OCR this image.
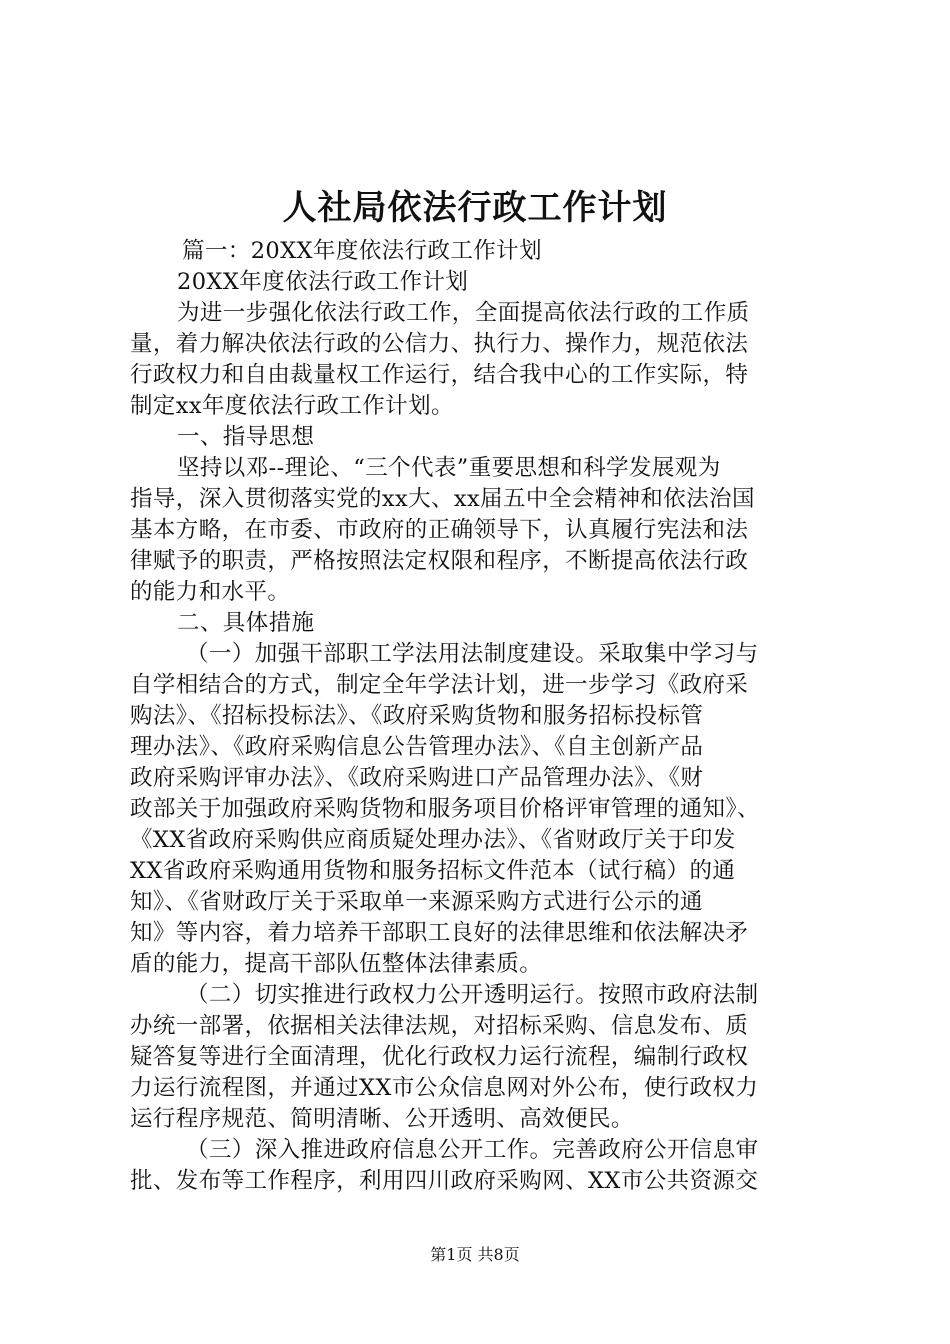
人社局依法行政工作计划
篇一：20XX年度依法行政工作计划
20XX年度依法行政工作计划
为进一步强化依法行政工作，全面提高依法行政的工作质
量，着力解决依法行政的公信力、执行力、操作力，规范依法
行政权力和自由裁量权工作运行，结合我中心的工作实际，特
制定xx年度依法行政工作计划。
一、指导思想
坚持以邓--理论、“三个代表”重要思想和科学发展观为
指导，深入贯彻落实党的xx大、xx届五中全会精神和依法治国
基本方略，在市委、市政府的正确领导下，认真履行宪法和法
律赋予的职责，严格按照法定权限和程序，不断提高依法行政
的能力和水平。
二、具体措施
（一）加强干部职工学法用法制度建设。采取集中学习与
自学相结合的方式，制定全年学法计划，进一步学习《政府采
购法》、《招标投标法》、《政府采购货物和服务招标投标管
理办法》、《政府采购信息公告管理办法》、《自主创新产品
政府采购评审办法》、《政府采购进口产品管理办法》、《财
政部关于加强政府采购货物和服务项目价格评审管理的通知》、
《XX省政府采购供应商质疑处理办法》、《省财政厅关于印发
XX省政府采购通用货物和服务招标文件范本（试行稿）的通
知》、《省财政厅关于采取单一来源采购方式进行公示的通
知》等内容，着力培养干部职工良好的法律思维和依法解决矛
盾的能力，提高干部队伍整体法律素质。
（二）切实推进行政权力公开透明运行。按照市政府法制
办统一部署，依据相关法律法规，对招标采购、信息发布、质
疑答复等进行全面清理，优化行政权力运行流程，编制行政权
力运行流程图，并通过XX市公众信息网对外公布，使行政权力
运行程序规范、简明清晰、公开透明、高效便民。
（三）深入推进政府信息公开工作。完善政府公开信息审
批、发布等工作程序，利用四川政府采购网、XX市公共资源交
第1页 共8页
